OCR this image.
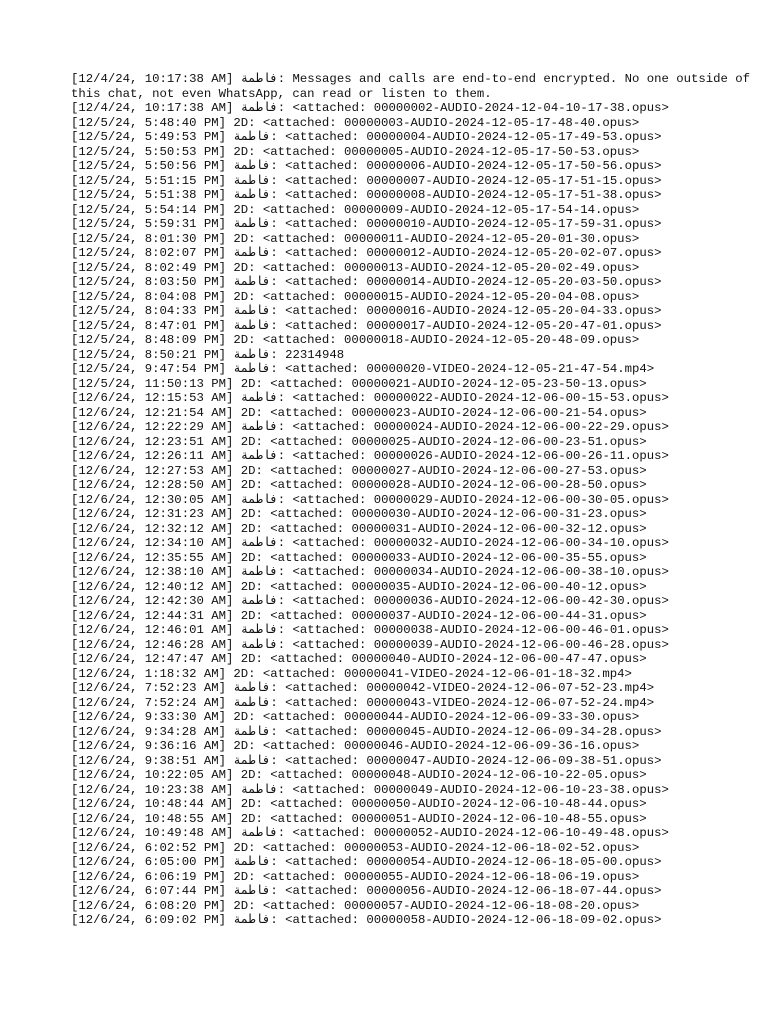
[12/4/24, 10:17:38 AM] فاطمة: Messages and calls are end-to-end encrypted. No one outside of this chat, not even WhatsApp, can read or listen to them.
[12/4/24, 10:17:38 AM] فاطمة: <attached: 00000002-AUDIO-2024-12-04-10-17-38.opus>
[12/5/24, 5:48:40 PM] 2D: <attached: 00000003-AUDIO-2024-12-05-17-48-40.opus>
[12/5/24, 5:49:53 PM] فاطمة: <attached: 00000004-AUDIO-2024-12-05-17-49-53.opus>
[12/5/24, 5:50:53 PM] 2D: <attached: 00000005-AUDIO-2024-12-05-17-50-53.opus>
[12/5/24, 5:50:56 PM] فاطمة: <attached: 00000006-AUDIO-2024-12-05-17-50-56.opus>
[12/5/24, 5:51:15 PM] فاطمة: <attached: 00000007-AUDIO-2024-12-05-17-51-15.opus>
[12/5/24, 5:51:38 PM] فاطمة: <attached: 00000008-AUDIO-2024-12-05-17-51-38.opus>
[12/5/24, 5:54:14 PM] 2D: <attached: 00000009-AUDIO-2024-12-05-17-54-14.opus>
[12/5/24, 5:59:31 PM] فاطمة: <attached: 00000010-AUDIO-2024-12-05-17-59-31.opus>
[12/5/24, 8:01:30 PM] 2D: <attached: 00000011-AUDIO-2024-12-05-20-01-30.opus>
[12/5/24, 8:02:07 PM] فاطمة: <attached: 00000012-AUDIO-2024-12-05-20-02-07.opus>
[12/5/24, 8:02:49 PM] 2D: <attached: 00000013-AUDIO-2024-12-05-20-02-49.opus>
[12/5/24, 8:03:50 PM] فاطمة: <attached: 00000014-AUDIO-2024-12-05-20-03-50.opus>
[12/5/24, 8:04:08 PM] 2D: <attached: 00000015-AUDIO-2024-12-05-20-04-08.opus>
[12/5/24, 8:04:33 PM] فاطمة: <attached: 00000016-AUDIO-2024-12-05-20-04-33.opus>
[12/5/24, 8:47:01 PM] فاطمة: <attached: 00000017-AUDIO-2024-12-05-20-47-01.opus>
[12/5/24, 8:48:09 PM] 2D: <attached: 00000018-AUDIO-2024-12-05-20-48-09.opus>
[12/5/24, 8:50:21 PM] فاطمة: 22314948
[12/5/24, 9:47:54 PM] فاطمة: <attached: 00000020-VIDEO-2024-12-05-21-47-54.mp4>
[12/5/24, 11:50:13 PM] 2D: <attached: 00000021-AUDIO-2024-12-05-23-50-13.opus>
[12/6/24, 12:15:53 AM] فاطمة: <attached: 00000022-AUDIO-2024-12-06-00-15-53.opus>
[12/6/24, 12:21:54 AM] 2D: <attached: 00000023-AUDIO-2024-12-06-00-21-54.opus>
[12/6/24, 12:22:29 AM] فاطمة: <attached: 00000024-AUDIO-2024-12-06-00-22-29.opus>
[12/6/24, 12:23:51 AM] 2D: <attached: 00000025-AUDIO-2024-12-06-00-23-51.opus>
[12/6/24, 12:26:11 AM] فاطمة: <attached: 00000026-AUDIO-2024-12-06-00-26-11.opus>
[12/6/24, 12:27:53 AM] 2D: <attached: 00000027-AUDIO-2024-12-06-00-27-53.opus>
[12/6/24, 12:28:50 AM] 2D: <attached: 00000028-AUDIO-2024-12-06-00-28-50.opus>
[12/6/24, 12:30:05 AM] فاطمة: <attached: 00000029-AUDIO-2024-12-06-00-30-05.opus>
[12/6/24, 12:31:23 AM] 2D: <attached: 00000030-AUDIO-2024-12-06-00-31-23.opus>
[12/6/24, 12:32:12 AM] 2D: <attached: 00000031-AUDIO-2024-12-06-00-32-12.opus>
[12/6/24, 12:34:10 AM] فاطمة: <attached: 00000032-AUDIO-2024-12-06-00-34-10.opus>
[12/6/24, 12:35:55 AM] 2D: <attached: 00000033-AUDIO-2024-12-06-00-35-55.opus>
[12/6/24, 12:38:10 AM] فاطمة: <attached: 00000034-AUDIO-2024-12-06-00-38-10.opus>
[12/6/24, 12:40:12 AM] 2D: <attached: 00000035-AUDIO-2024-12-06-00-40-12.opus>
[12/6/24, 12:42:30 AM] فاطمة: <attached: 00000036-AUDIO-2024-12-06-00-42-30.opus>
[12/6/24, 12:44:31 AM] 2D: <attached: 00000037-AUDIO-2024-12-06-00-44-31.opus>
[12/6/24, 12:46:01 AM] فاطمة: <attached: 00000038-AUDIO-2024-12-06-00-46-01.opus>
[12/6/24, 12:46:28 AM] فاطمة: <attached: 00000039-AUDIO-2024-12-06-00-46-28.opus>
[12/6/24, 12:47:47 AM] 2D: <attached: 00000040-AUDIO-2024-12-06-00-47-47.opus>
[12/6/24, 1:18:32 AM] 2D: <attached: 00000041-VIDEO-2024-12-06-01-18-32.mp4>
[12/6/24, 7:52:23 AM] فاطمة: <attached: 00000042-VIDEO-2024-12-06-07-52-23.mp4>
[12/6/24, 7:52:24 AM] فاطمة: <attached: 00000043-VIDEO-2024-12-06-07-52-24.mp4>
[12/6/24, 9:33:30 AM] 2D: <attached: 00000044-AUDIO-2024-12-06-09-33-30.opus>
[12/6/24, 9:34:28 AM] فاطمة: <attached: 00000045-AUDIO-2024-12-06-09-34-28.opus>
[12/6/24, 9:36:16 AM] 2D: <attached: 00000046-AUDIO-2024-12-06-09-36-16.opus>
[12/6/24, 9:38:51 AM] فاطمة: <attached: 00000047-AUDIO-2024-12-06-09-38-51.opus>
[12/6/24, 10:22:05 AM] 2D: <attached: 00000048-AUDIO-2024-12-06-10-22-05.opus>
[12/6/24, 10:23:38 AM] فاطمة: <attached: 00000049-AUDIO-2024-12-06-10-23-38.opus>
[12/6/24, 10:48:44 AM] 2D: <attached: 00000050-AUDIO-2024-12-06-10-48-44.opus>
[12/6/24, 10:48:55 AM] 2D: <attached: 00000051-AUDIO-2024-12-06-10-48-55.opus>
[12/6/24, 10:49:48 AM] فاطمة: <attached: 00000052-AUDIO-2024-12-06-10-49-48.opus>
[12/6/24, 6:02:52 PM] 2D: <attached: 00000053-AUDIO-2024-12-06-18-02-52.opus>
[12/6/24, 6:05:00 PM] فاطمة: <attached: 00000054-AUDIO-2024-12-06-18-05-00.opus>
[12/6/24, 6:06:19 PM] 2D: <attached: 00000055-AUDIO-2024-12-06-18-06-19.opus>
[12/6/24, 6:07:44 PM] فاطمة: <attached: 00000056-AUDIO-2024-12-06-18-07-44.opus>
[12/6/24, 6:08:20 PM] 2D: <attached: 00000057-AUDIO-2024-12-06-18-08-20.opus>
[12/6/24, 6:09:02 PM] فاطمة: <attached: 00000058-AUDIO-2024-12-06-18-09-02.opus>
